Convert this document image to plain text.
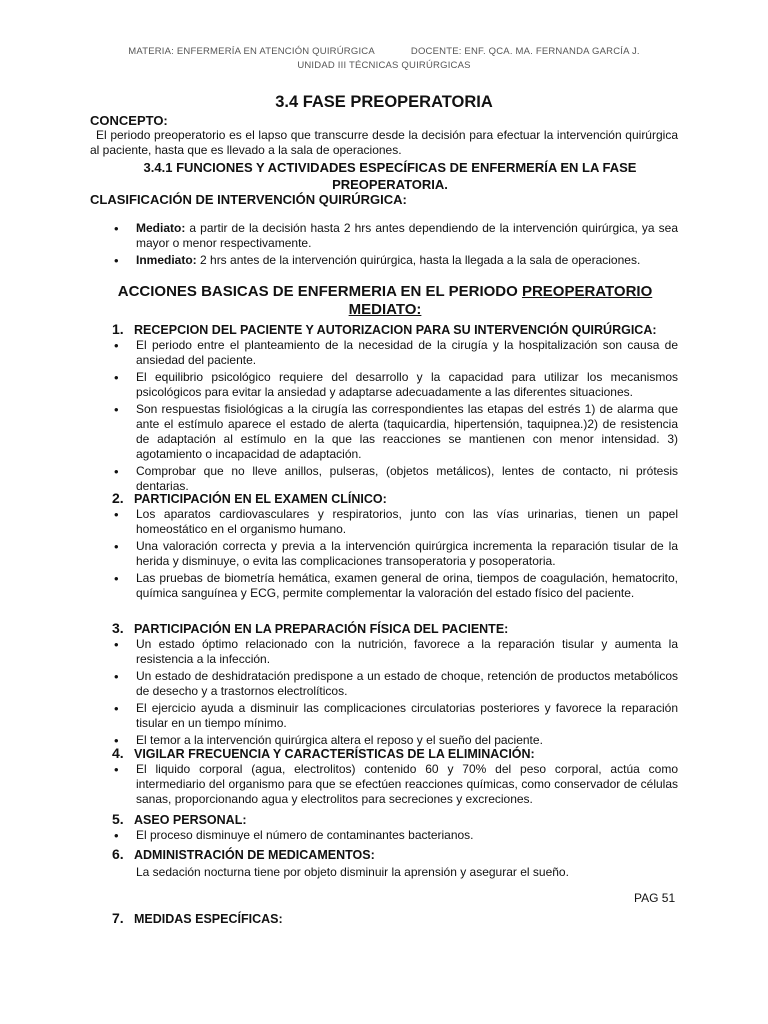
MATERIA: ENFERMERÍA EN ATENCIÓN QUIRÚRGICA	DOCENTE: ENF. QCA. MA. FERNANDA GARCÍA J.
UNIDAD III TÉCNICAS QUIRÚRGICAS
3.4 FASE PREOPERATORIA
CONCEPTO:
El periodo preoperatorio es el lapso que transcurre desde la decisión para efectuar la intervención quirúrgica al paciente, hasta que es llevado a la sala de operaciones.
3.4.1 FUNCIONES Y ACTIVIDADES ESPECÍFICAS DE ENFERMERÍA EN LA FASE PREOPERATORIA.
CLASIFICACIÓN DE INTERVENCIÓN QUIRÚRGICA:
• Mediato: a partir de la decisión hasta 2 hrs antes dependiendo de la intervención quirúrgica, ya sea mayor o menor respectivamente.
• Inmediato: 2 hrs antes de la intervención quirúrgica, hasta la llegada a la sala de operaciones.
ACCIONES BASICAS DE ENFERMERIA EN EL PERIODO PREOPERATORIO MEDIATO:
1. RECEPCION DEL PACIENTE Y AUTORIZACION PARA SU INTERVENCIÓN QUIRÚRGICA:
• El periodo entre el planteamiento de la necesidad de la cirugía y la hospitalización son causa de ansiedad del paciente.
• El equilibrio psicológico requiere del desarrollo y la capacidad para utilizar los mecanismos psicológicos para evitar la ansiedad y adaptarse adecuadamente a las diferentes situaciones.
• Son respuestas fisiológicas a la cirugía las correspondientes las etapas del estrés 1) de alarma que ante el estímulo aparece el estado de alerta (taquicardia, hipertensión, taquipnea.)2) de resistencia de adaptación al estímulo en la que las reacciones se mantienen con menor intensidad. 3) agotamiento o incapacidad de adaptación.
• Comprobar que no lleve anillos, pulseras, (objetos metálicos), lentes de contacto, ni prótesis dentarias.
2. PARTICIPACIÓN EN EL EXAMEN CLÍNICO:
• Los aparatos cardiovasculares y respiratorios, junto con las vías urinarias, tienen un papel homeostático en el organismo humano.
• Una valoración correcta y previa a la intervención quirúrgica incrementa la reparación tisular de la herida y disminuye, o evita las complicaciones transoperatoria y posoperatoria.
• Las pruebas de biometría hemática, examen general de orina, tiempos de coagulación, hematocrito, química sanguínea y ECG, permite complementar la valoración del estado físico del paciente.
3. PARTICIPACIÓN EN LA PREPARACIÓN FÍSICA DEL PACIENTE:
• Un estado óptimo relacionado con la nutrición, favorece a la reparación tisular y aumenta la resistencia a la infección.
• Un estado de deshidratación predispone a un estado de choque, retención de productos metabólicos de desecho y a trastornos electrolíticos.
• El ejercicio ayuda a disminuir las complicaciones circulatorias posteriores y favorece la reparación tisular en un tiempo mínimo.
• El temor a la intervención quirúrgica altera el reposo y el sueño del paciente.
4. VIGILAR FRECUENCIA Y CARACTERÍSTICAS DE LA ELIMINACIÓN:
• El liquido corporal (agua, electrolitos) contenido 60 y 70% del peso corporal, actúa como intermediario del organismo para que se efectúen reacciones químicas, como conservador de células sanas, proporcionando agua y electrolitos para secreciones y excreciones.
5. ASEO PERSONAL:
• El proceso disminuye el número de contaminantes bacterianos.
6. ADMINISTRACIÓN DE MEDICAMENTOS:
La sedación nocturna tiene por objeto disminuir la aprensión y asegurar el sueño.
PAG 51
7. MEDIDAS ESPECÍFICAS:
